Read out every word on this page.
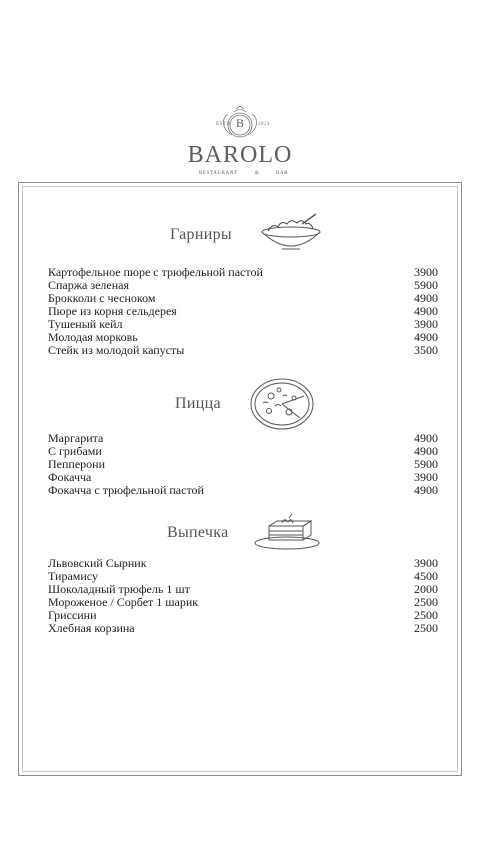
ESTD	2024
B
BAROLO
RESTAURANT	&	BAR
Гарниры
Картофельное пюре с трюфельной пастой	3900
Спаржа зеленая	5900
Брокколи с чесноком	4900
Пюре из корня сельдерея	4900
Тушеный кейл	3900
Молодая морковь	4900
Стейк из молодой капусты	3500
Пицца
Маргарита	4900
С грибами	4900
Пепперони	5900
Фокачча	3900
Фокачча с трюфельной пастой	4900
Выпечка
Львовский Сырник	3900
Тирамису	4500
Шоколадный трюфель 1 шт	2000
Мороженое / Сорбет 1 шарик	2500
Гриссини	2500
Хлебная корзина	2500
